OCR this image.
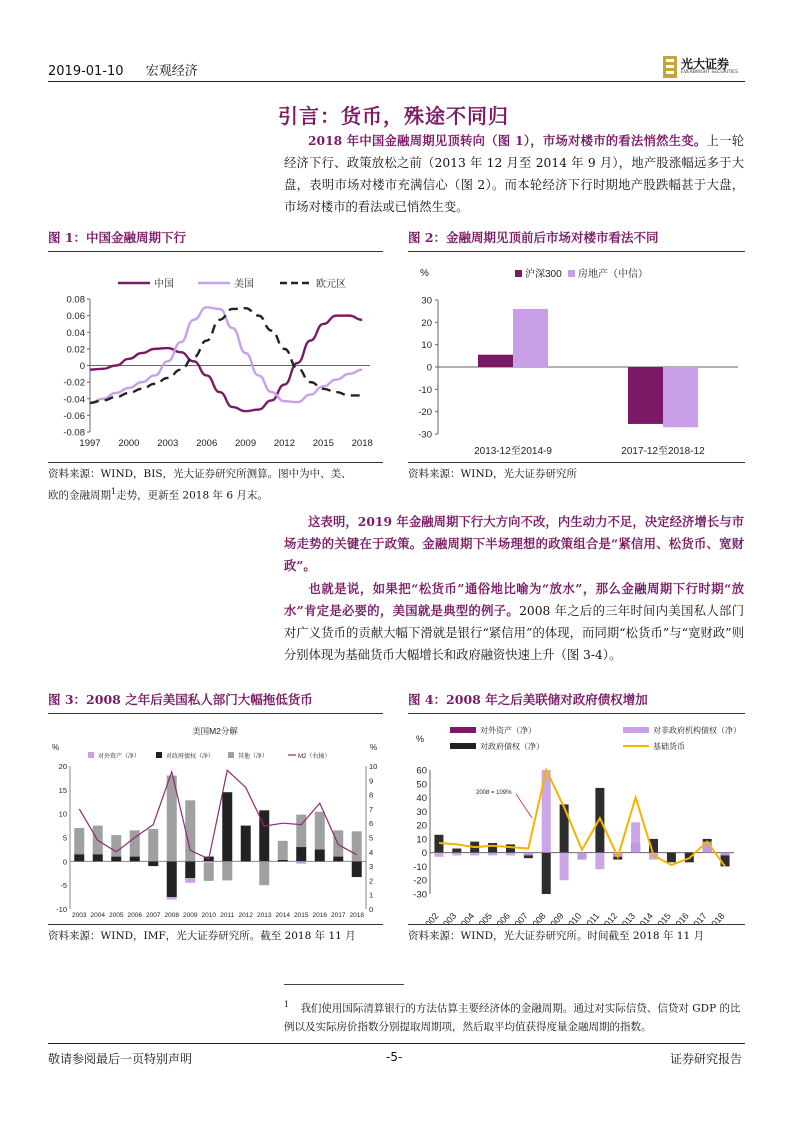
2019-01-10 宏观经济	光大证券
EVERBRIGHT SECURITIES
引言：货币，殊途不同归
2018 年中国金融周期见顶转向（图 1），市场对楼市的看法悄然生变。上一轮经济下行、政策放松之前（2013 年 12 月至 2014 年 9 月），地产股涨幅远多于大盘，表明市场对楼市充满信心（图 2）。而本轮经济下行时期地产股跌幅甚于大盘，市场对楼市的看法或已悄然生变。
图 1：中国金融周期下行
0.08
0.06
0.04
0.02
0
-0.02
-0.04
-0.06
-0.08
1997 2000 2003 2006 2009 2012 2015 2018
中国	美国	欧元区
资料来源：WIND，BIS，光大证券研究所测算。图中为中、美、
欧的金融周期$^1$走势，更新至 2018 年 6 月末。
图 2：金融周期见顶前后市场对楼市看法不同
%
30
20
10
0
-10
-20
-30
2013-12至2014-9	2017-12至2018-12
沪深300 房地产（中信）
资料来源：WIND，光大证券研究所
这表明，2019 年金融周期下行大方向不改，内生动力不足，决定经济增长与市场走势的关键在于政策。金融周期下半场理想的政策组合是“紧信用、松货币、宽财政”。
也就是说，如果把“松货币”通俗地比喻为“放水”，那么金融周期下行时期“放水”肯定是必要的，美国就是典型的例子。2008 年之后的三年时间内美国私人部门对广义货币的贡献大幅下滑就是银行“紧信用”的体现，而同期“松货币”与“宽财政”则分别体现为基础货币大幅增长和政府融资快速上升（图 3-4）。
图 3：2008 之年后美国私人部门大幅拖低货币
美国M2分解
%	%
20
15
10
5
0
-5
-10
10
9
8
7
6
5
4
3
2
1
0
2003 2004 2005 2006 2007 2008 2009 2010 2011 2012 2013 2014 2015 2016 2017 2018
对外资产（净）	对政府债权（净）	其他（净）	M2（右轴）
资料来源：WIND，IMF，光大证券研究所。截至 2018 年 11 月
图 4：2008 年之后美联储对政府债权增加
%
60
50
40
30
20
10
0
-10
-20
-30
2002
2003
2004
2005
2006
2007
2008
2009
2010
2011
2012
2013
2014
2015
2016
2017
2018
2008 = 109%
对外资产（净）	对非政府机构债权（净）
对政府债权（净）	基础货币
资料来源：WIND，光大证券研究所。时间截至 2018 年 11 月
$^1$ 我们使用国际清算银行的方法估算主要经济体的金融周期。通过对实际信贷、信贷对 GDP 的比例以及实际房价指数分别提取周期项，然后取平均值获得度量金融周期的指数。
敬请参阅最后一页特别声明	-5-	证券研究报告
